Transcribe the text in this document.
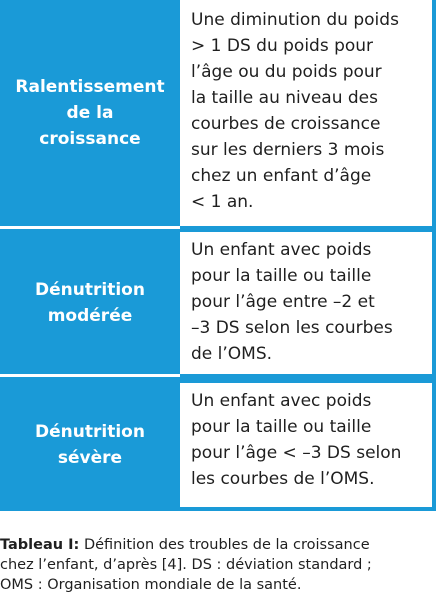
Ralentissement
de la
croissance
Une diminution du poids
> 1 DS du poids pour
l’âge ou du poids pour
la taille au niveau des
courbes de croissance
sur les derniers 3 mois
chez un enfant d’âge
< 1 an.
Dénutrition
modérée
Un enfant avec poids
pour la taille ou taille
pour l’âge entre –2 et
–3 DS selon les courbes
de l’OMS.
Dénutrition
sévère
Un enfant avec poids
pour la taille ou taille
pour l’âge < –3 DS selon
les courbes de l’OMS.
Tableau I: Définition des troubles de la croissance
chez l’enfant, d’après [4]. DS : déviation standard ;
OMS : Organisation mondiale de la santé.
